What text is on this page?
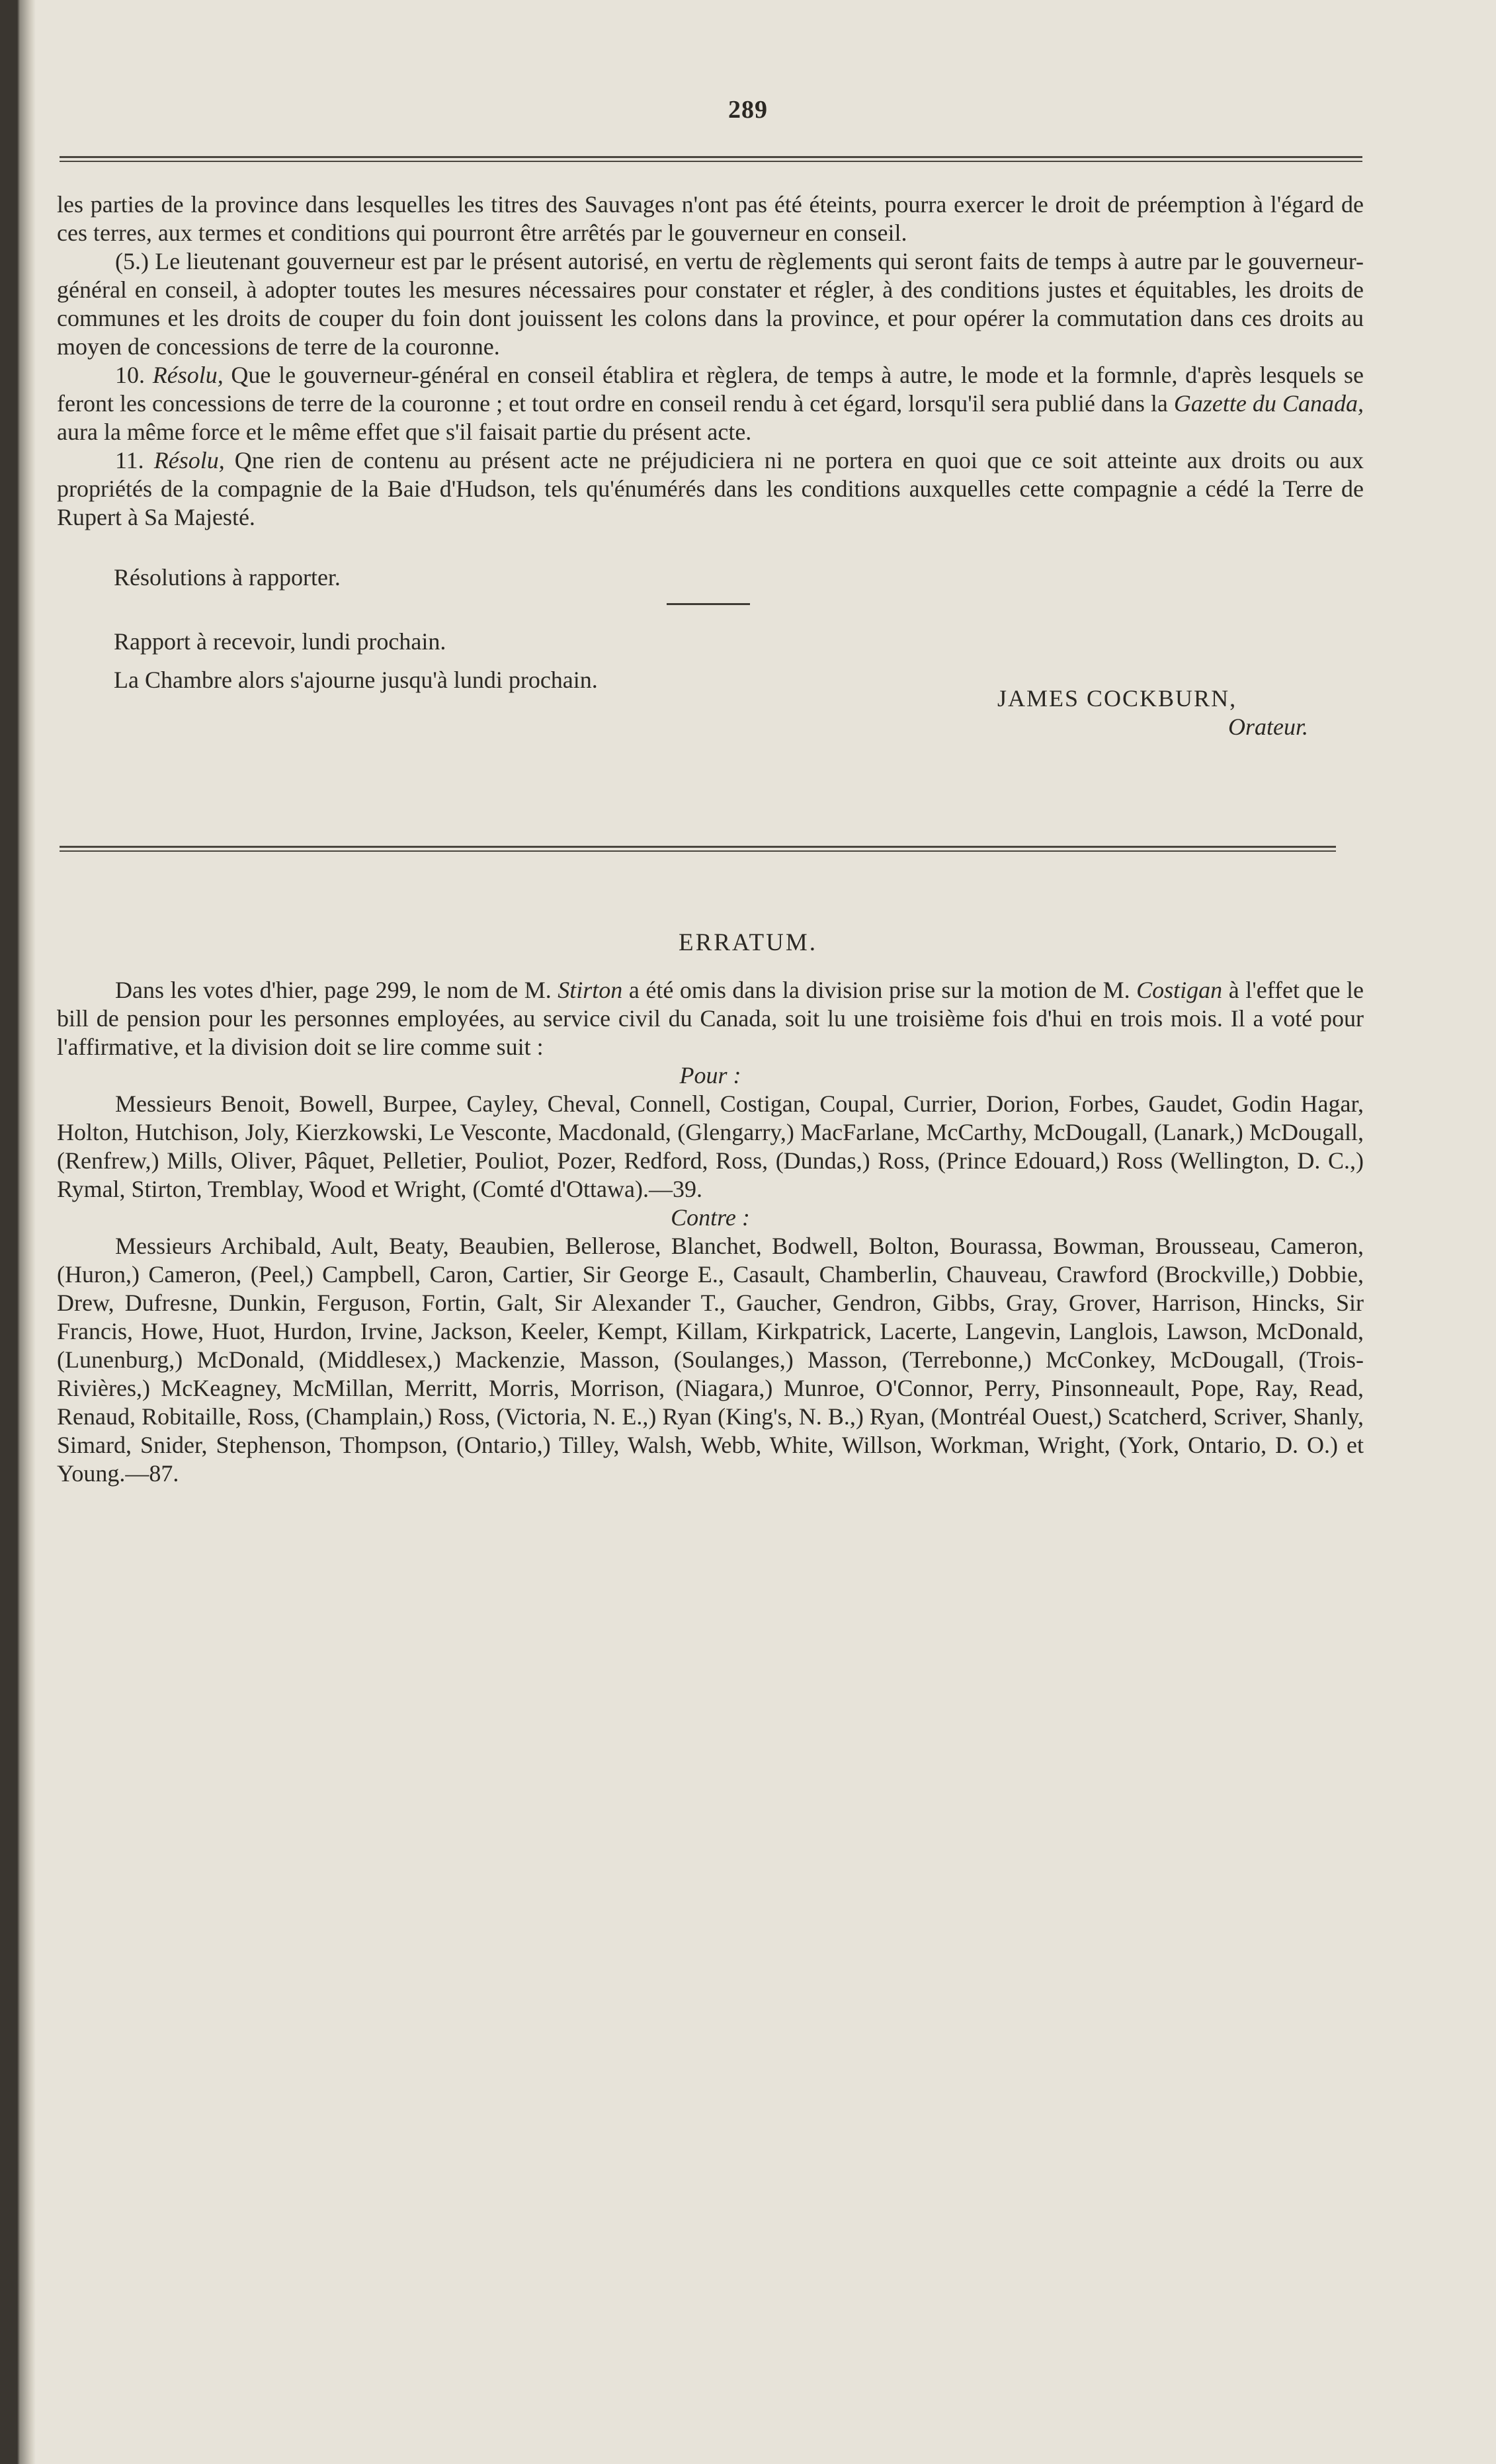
289

les parties de la province dans lesquelles les titres des Sauvages n'ont pas été éteints, pourra exercer le droit de préemption à l'égard de ces terres, aux termes et conditions qui pourront être arrêtés par le gouverneur en conseil.

(5.) Le lieutenant gouverneur est par le présent autorisé, en vertu de règlements qui seront faits de temps à autre par le gouverneur-général en conseil, à adopter toutes les mesures nécessaires pour constater et régler, à des conditions justes et équitables, les droits de communes et les droits de couper du foin dont jouissent les colons dans la province, et pour opérer la commutation dans ces droits au moyen de concessions de terre de la couronne.

10. Résolu, Que le gouverneur-général en conseil établira et règlera, de temps à autre, le mode et la formnle, d'après lesquels se feront les concessions de terre de la couronne ; et tout ordre en conseil rendu à cet égard, lorsqu'il sera publié dans la Gazette du Canada, aura la même force et le même effet que s'il faisait partie du présent acte.

11. Résolu, Qne rien de contenu au présent acte ne préjudiciera ni ne portera en quoi que ce soit atteinte aux droits ou aux propriétés de la compagnie de la Baie d'Hudson, tels qu'énumérés dans les conditions auxquelles cette compagnie a cédé la Terre de Rupert à Sa Majesté.

Résolutions à rapporter.
Rapport à recevoir, lundi prochain.
La Chambre alors s'ajourne jusqu'à lundi prochain.
JAMES COCKBURN,
Orateur.
ERRATUM.

Dans les votes d'hier, page 299, le nom de M. Stirton a été omis dans la division prise sur la motion de M. Costigan à l'effet que le bill de pension pour les personnes employées, au service civil du Canada, soit lu une troisième fois d'hui en trois mois. Il a voté pour l'affirmative, et la division doit se lire comme suit :

Pour :

Messieurs Benoit, Bowell, Burpee, Cayley, Cheval, Connell, Costigan, Coupal, Currier, Dorion, Forbes, Gaudet, Godin Hagar, Holton, Hutchison, Joly, Kierzkowski, Le Vesconte, Macdonald, (Glengarry,) MacFarlane, McCarthy, McDougall, (Lanark,) McDougall, (Renfrew,) Mills, Oliver, Pâquet, Pelletier, Pouliot, Pozer, Redford, Ross, (Dundas,) Ross, (Prince Edouard,) Ross (Wellington, D. C.,) Rymal, Stirton, Tremblay, Wood et Wright, (Comté d'Ottawa).—39.

Contre :

Messieurs Archibald, Ault, Beaty, Beaubien, Bellerose, Blanchet, Bodwell, Bolton, Bourassa, Bowman, Brousseau, Cameron, (Huron,) Cameron, (Peel,) Campbell, Caron, Cartier, Sir George E., Casault, Chamberlin, Chauveau, Crawford (Brockville,) Dobbie, Drew, Dufresne, Dunkin, Ferguson, Fortin, Galt, Sir Alexander T., Gaucher, Gendron, Gibbs, Gray, Grover, Harrison, Hincks, Sir Francis, Howe, Huot, Hurdon, Irvine, Jackson, Keeler, Kempt, Killam, Kirkpatrick, Lacerte, Langevin, Langlois, Lawson, McDonald, (Lunenburg,) McDonald, (Middlesex,) Mackenzie, Masson, (Soulanges,) Masson, (Terrebonne,) McConkey, McDougall, (Trois-Rivières,) McKeagney, McMillan, Merritt, Morris, Morrison, (Niagara,) Munroe, O'Connor, Perry, Pinsonneault, Pope, Ray, Read, Renaud, Robitaille, Ross, (Champlain,) Ross, (Victoria, N. E.,) Ryan (King's, N. B.,) Ryan, (Montréal Ouest,) Scatcherd, Scriver, Shanly, Simard, Snider, Stephenson, Thompson, (Ontario,) Tilley, Walsh, Webb, White, Willson, Workman, Wright, (York, Ontario, D. O.) et Young.—87.
